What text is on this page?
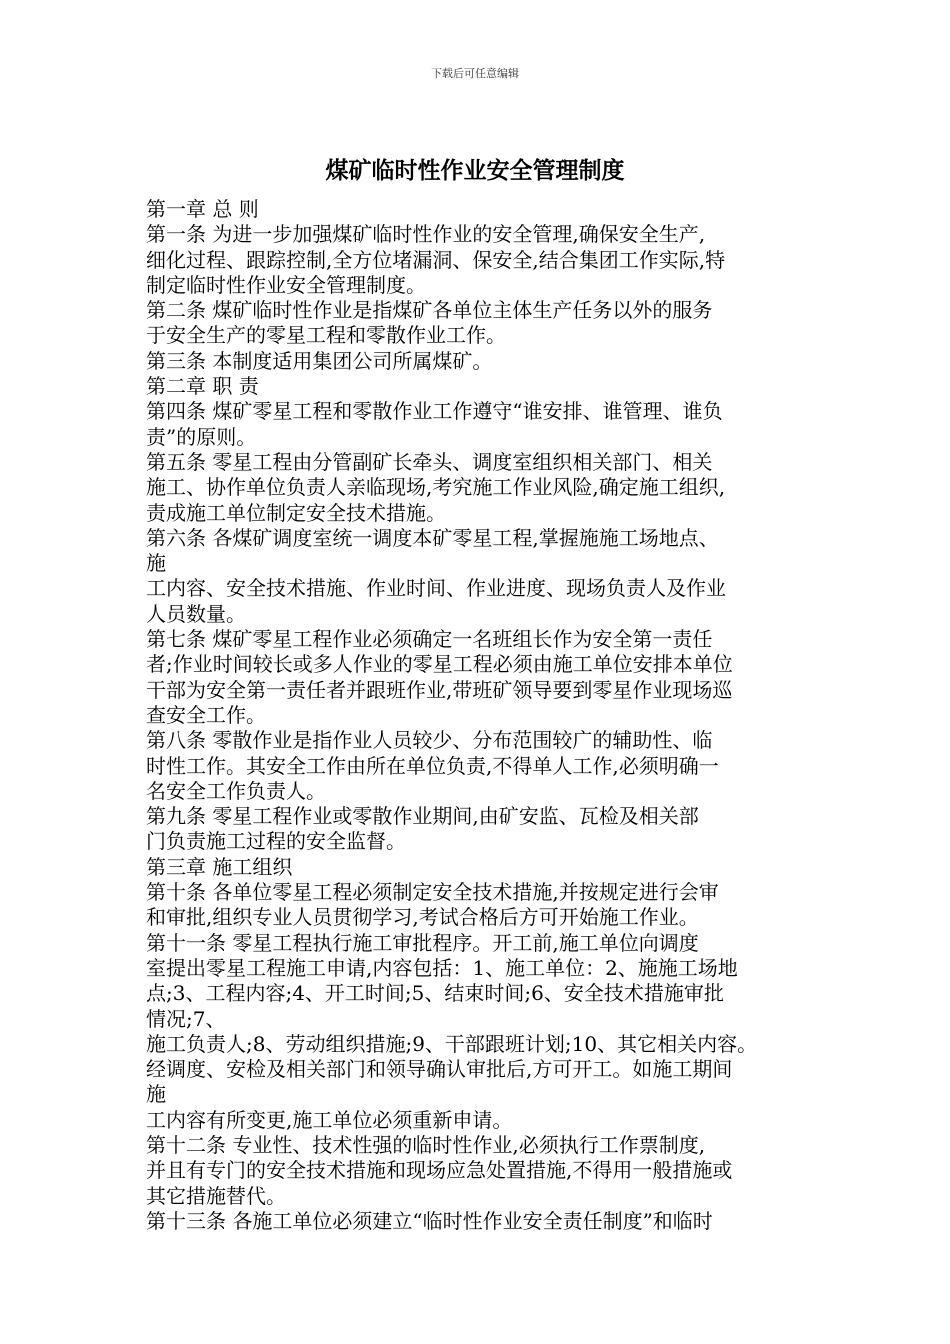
下载后可任意编辑
煤矿临时性作业安全管理制度
第一章 总 则
第一条 为进一步加强煤矿临时性作业的安全管理,确保安全生产,
细化过程、跟踪控制,全方位堵漏洞、保安全,结合集团工作实际,特
制定临时性作业安全管理制度。
第二条 煤矿临时性作业是指煤矿各单位主体生产任务以外的服务
于安全生产的零星工程和零散作业工作。
第三条 本制度适用集团公司所属煤矿。
第二章 职 责
第四条 煤矿零星工程和零散作业工作遵守“谁安排、谁管理、谁负
责”的原则。
第五条 零星工程由分管副矿长牵头、调度室组织相关部门、相关
施工、协作单位负责人亲临现场,考究施工作业风险,确定施工组织,
责成施工单位制定安全技术措施。
第六条 各煤矿调度室统一调度本矿零星工程,掌握施施工场地点、
施
工内容、安全技术措施、作业时间、作业进度、现场负责人及作业
人员数量。
第七条 煤矿零星工程作业必须确定一名班组长作为安全第一责任
者;作业时间较长或多人作业的零星工程必须由施工单位安排本单位
干部为安全第一责任者并跟班作业,带班矿领导要到零星作业现场巡
查安全工作。
第八条 零散作业是指作业人员较少、分布范围较广的辅助性、临
时性工作。其安全工作由所在单位负责,不得单人工作,必须明确一
名安全工作负责人。
第九条 零星工程作业或零散作业期间,由矿安监、瓦检及相关部
门负责施工过程的安全监督。
第三章 施工组织
第十条 各单位零星工程必须制定安全技术措施,并按规定进行会审
和审批,组织专业人员贯彻学习,考试合格后方可开始施工作业。
第十一条 零星工程执行施工审批程序。开工前,施工单位向调度
室提出零星工程施工申请,内容包括：1、施工单位：2、施施工场地
点;3、工程内容;4、开工时间;5、结束时间;6、安全技术措施审批
情况;7、
施工负责人;8、劳动组织措施;9、干部跟班计划;10、其它相关内容。
经调度、安检及相关部门和领导确认审批后,方可开工。如施工期间
施
工内容有所变更,施工单位必须重新申请。
第十二条 专业性、技术性强的临时性作业,必须执行工作票制度,
并且有专门的安全技术措施和现场应急处置措施,不得用一般措施或
其它措施替代。
第十三条 各施工单位必须建立“临时性作业安全责任制度”和临时
